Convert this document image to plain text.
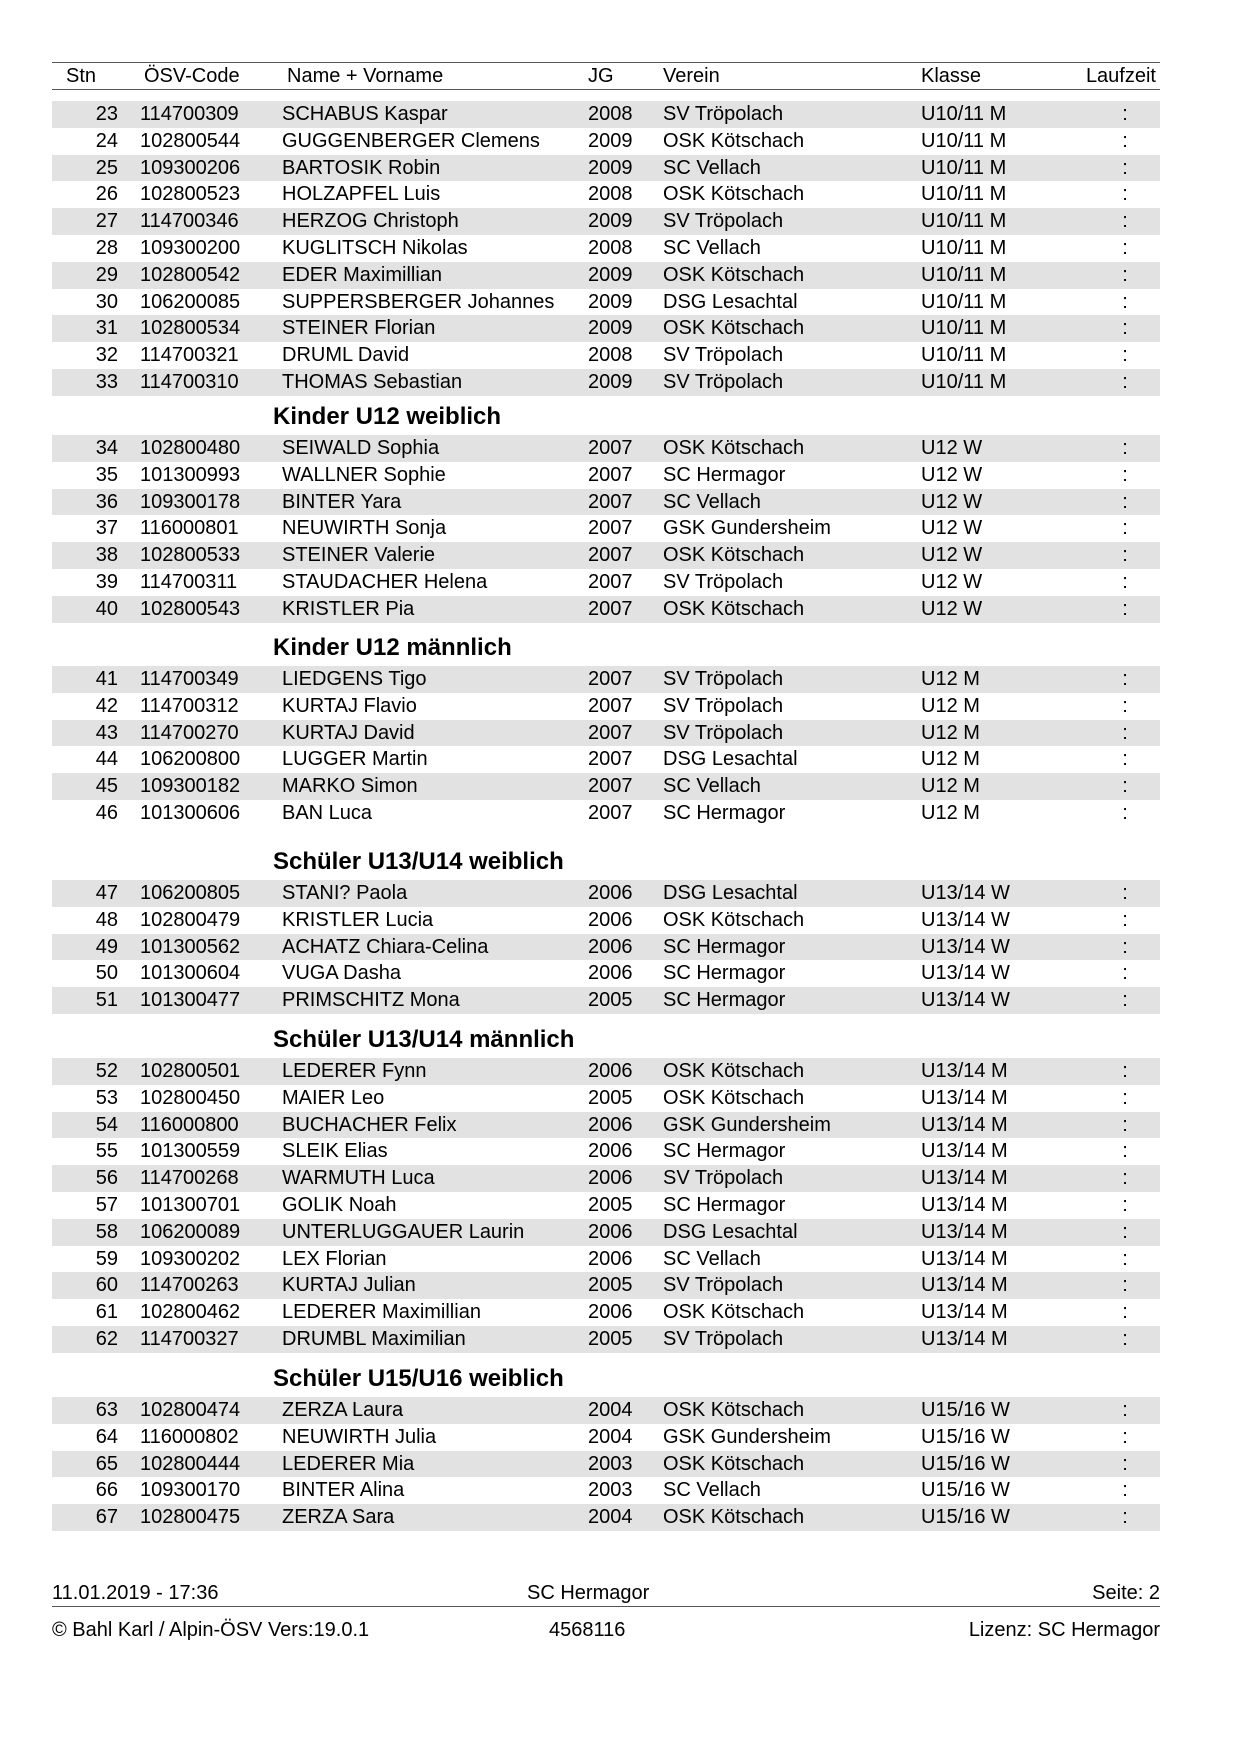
Stn ÖSV-Code Name + Vorname	JG Verein	Klasse	Laufzeit
23 114700309 SCHABUS Kaspar	2008 SV Tröpolach	U10/11 M	:
24 102800544 GUGGENBERGER Clemens 2009 OSK Kötschach	U10/11 M	:
25 109300206 BARTOSIK Robin	2009 SC Vellach	U10/11 M	:
26 102800523 HOLZAPFEL Luis	2008 OSK Kötschach	U10/11 M	:
27 114700346 HERZOG Christoph	2009 SV Tröpolach	U10/11 M	:
28 109300200 KUGLITSCH Nikolas	2008 SC Vellach	U10/11 M	:
29 102800542 EDER Maximillian	2009 OSK Kötschach	U10/11 M	:
30 106200085 SUPPERSBERGER Johannes 2009 DSG Lesachtal	U10/11 M	:
31 102800534 STEINER Florian	2009 OSK Kötschach	U10/11 M	:
32 114700321 DRUML David	2008 SV Tröpolach	U10/11 M	:
33 114700310 THOMAS Sebastian	2009 SV Tröpolach	U10/11 M	:
Kinder U12 weiblich
34 102800480 SEIWALD Sophia	2007 OSK Kötschach	U12 W	:
35 101300993 WALLNER Sophie	2007 SC Hermagor	U12 W	:
36 109300178 BINTER Yara	2007 SC Vellach	U12 W	:
37 116000801 NEUWIRTH Sonja	2007 GSK Gundersheim	U12 W	:
38 102800533 STEINER Valerie	2007 OSK Kötschach	U12 W	:
39 114700311 STAUDACHER Helena	2007 SV Tröpolach	U12 W	:
40 102800543 KRISTLER Pia	2007 OSK Kötschach	U12 W	:
Kinder U12 männlich
41 114700349 LIEDGENS Tigo	2007 SV Tröpolach	U12 M	:
42 114700312 KURTAJ Flavio	2007 SV Tröpolach	U12 M	:
43 114700270 KURTAJ David	2007 SV Tröpolach	U12 M	:
44 106200800 LUGGER Martin	2007 DSG Lesachtal	U12 M	:
45 109300182 MARKO Simon	2007 SC Vellach	U12 M	:
46 101300606 BAN Luca	2007 SC Hermagor	U12 M	:
Schüler U13/U14 weiblich
47 106200805 STANI? Paola	2006 DSG Lesachtal	U13/14 W	:
48 102800479 KRISTLER Lucia	2006 OSK Kötschach	U13/14 W	:
49 101300562 ACHATZ Chiara-Celina	2006 SC Hermagor	U13/14 W	:
50 101300604 VUGA Dasha	2006 SC Hermagor	U13/14 W	:
51 101300477 PRIMSCHITZ Mona	2005 SC Hermagor	U13/14 W	:
Schüler U13/U14 männlich
52 102800501 LEDERER Fynn	2006 OSK Kötschach	U13/14 M	:
53 102800450 MAIER Leo	2005 OSK Kötschach	U13/14 M	:
54 116000800 BUCHACHER Felix	2006 GSK Gundersheim	U13/14 M	:
55 101300559 SLEIK Elias	2006 SC Hermagor	U13/14 M	:
56 114700268 WARMUTH Luca	2006 SV Tröpolach	U13/14 M	:
57 101300701 GOLIK Noah	2005 SC Hermagor	U13/14 M	:
58 106200089 UNTERLUGGAUER Laurin	2006 DSG Lesachtal	U13/14 M	:
59 109300202 LEX Florian	2006 SC Vellach	U13/14 M	:
60 114700263 KURTAJ Julian	2005 SV Tröpolach	U13/14 M	:
61 102800462 LEDERER Maximillian	2006 OSK Kötschach	U13/14 M	:
62 114700327 DRUMBL Maximilian	2005 SV Tröpolach	U13/14 M	:
Schüler U15/U16 weiblich
63 102800474 ZERZA Laura	2004 OSK Kötschach	U15/16 W	:
64 116000802 NEUWIRTH Julia	2004 GSK Gundersheim	U15/16 W	:
65 102800444 LEDERER Mia	2003 OSK Kötschach	U15/16 W	:
66 109300170 BINTER Alina	2003 SC Vellach	U15/16 W	:
67 102800475 ZERZA Sara	2004 OSK Kötschach	U15/16 W	:
11.01.2019 - 17:36	SC Hermagor	Seite: 2
© Bahl Karl / Alpin-ÖSV Vers:19.0.1	4568116	Lizenz: SC Hermagor
